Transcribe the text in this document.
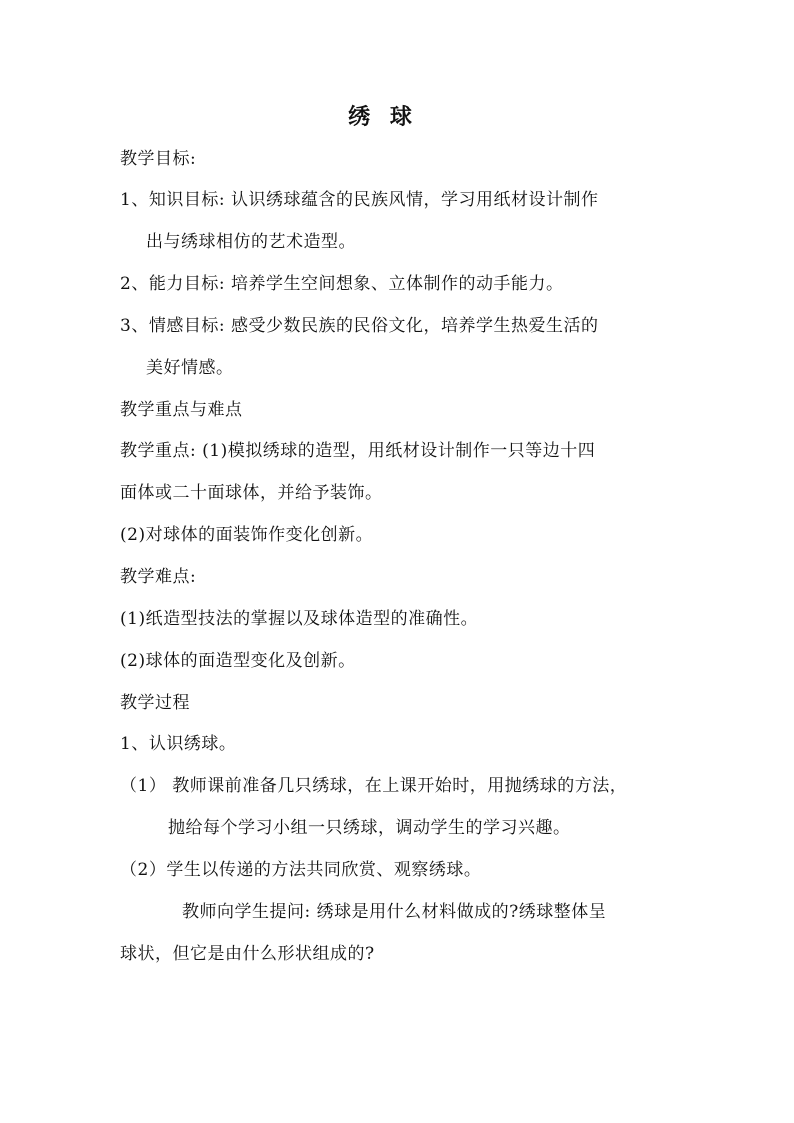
绣 球
教学目标:
1、知识目标: 认识绣球蕴含的民族风情，学习用纸材设计制作
出与绣球相仿的艺术造型。
2、能力目标: 培养学生空间想象、立体制作的动手能力。
3、情感目标: 感受少数民族的民俗文化，培养学生热爱生活的
美好情感。
教学重点与难点
教学重点: (1)模拟绣球的造型，用纸材设计制作一只等边十四
面体或二十面球体，并给予装饰。
(2)对球体的面装饰作变化创新。
教学难点:
(1)纸造型技法的掌握以及球体造型的准确性。
(2)球体的面造型变化及创新。
教学过程
1、认识绣球。
（1） 教师课前准备几只绣球，在上课开始时，用抛绣球的方法，
抛给每个学习小组一只绣球，调动学生的学习兴趣。
（2）学生以传递的方法共同欣赏、观察绣球。
教师向学生提问: 绣球是用什么材料做成的?绣球整体呈
球状，但它是由什么形状组成的?
